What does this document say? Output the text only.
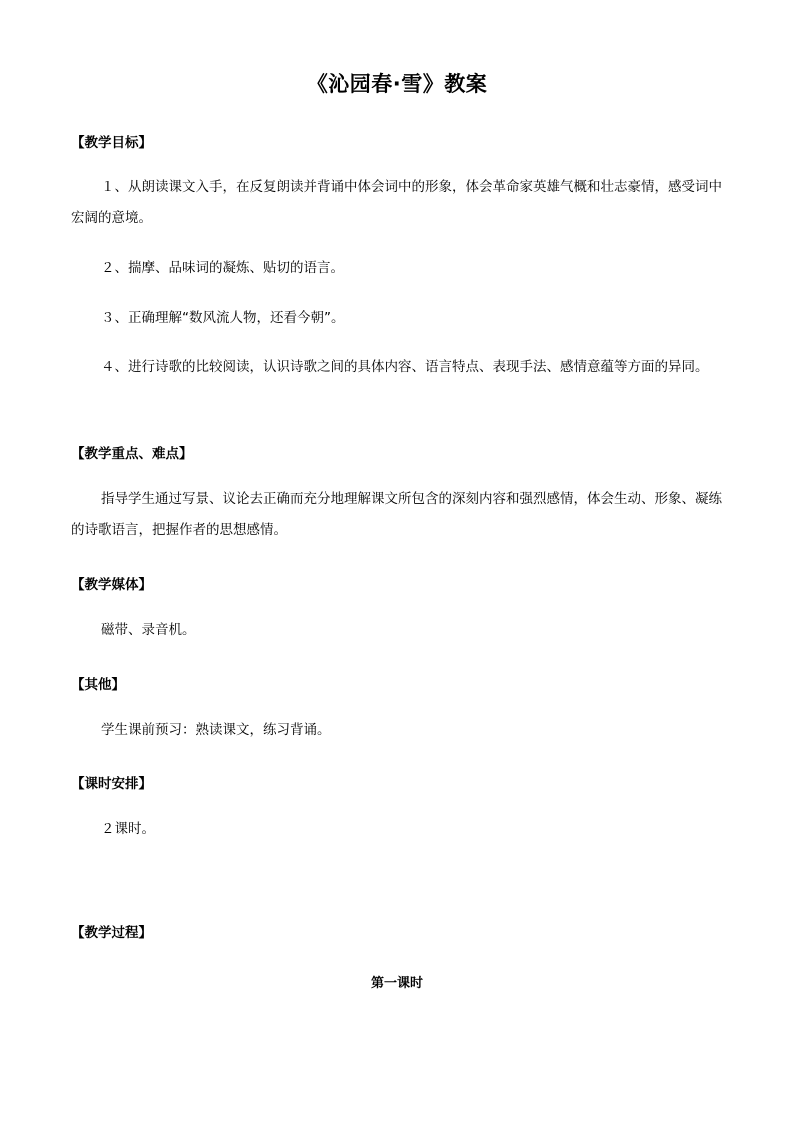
《沁园春·雪》教案
【教学目标】
１、从朗读课文入手，在反复朗读并背诵中体会词中的形象，体会革命家英雄气概和壮志豪情，感受词中宏阔的意境。
２、揣摩、品味词的凝炼、贴切的语言。
３、正确理解“数风流人物，还看今朝”。
４、进行诗歌的比较阅读，认识诗歌之间的具体内容、语言特点、表现手法、感情意蕴等方面的异同。
【教学重点、难点】
指导学生通过写景、议论去正确而充分地理解课文所包含的深刻内容和强烈感情，体会生动、形象、凝练的诗歌语言，把握作者的思想感情。
【教学媒体】
磁带、录音机。
【其他】
学生课前预习：熟读课文，练习背诵。
【课时安排】
２课时。
【教学过程】
第一课时
